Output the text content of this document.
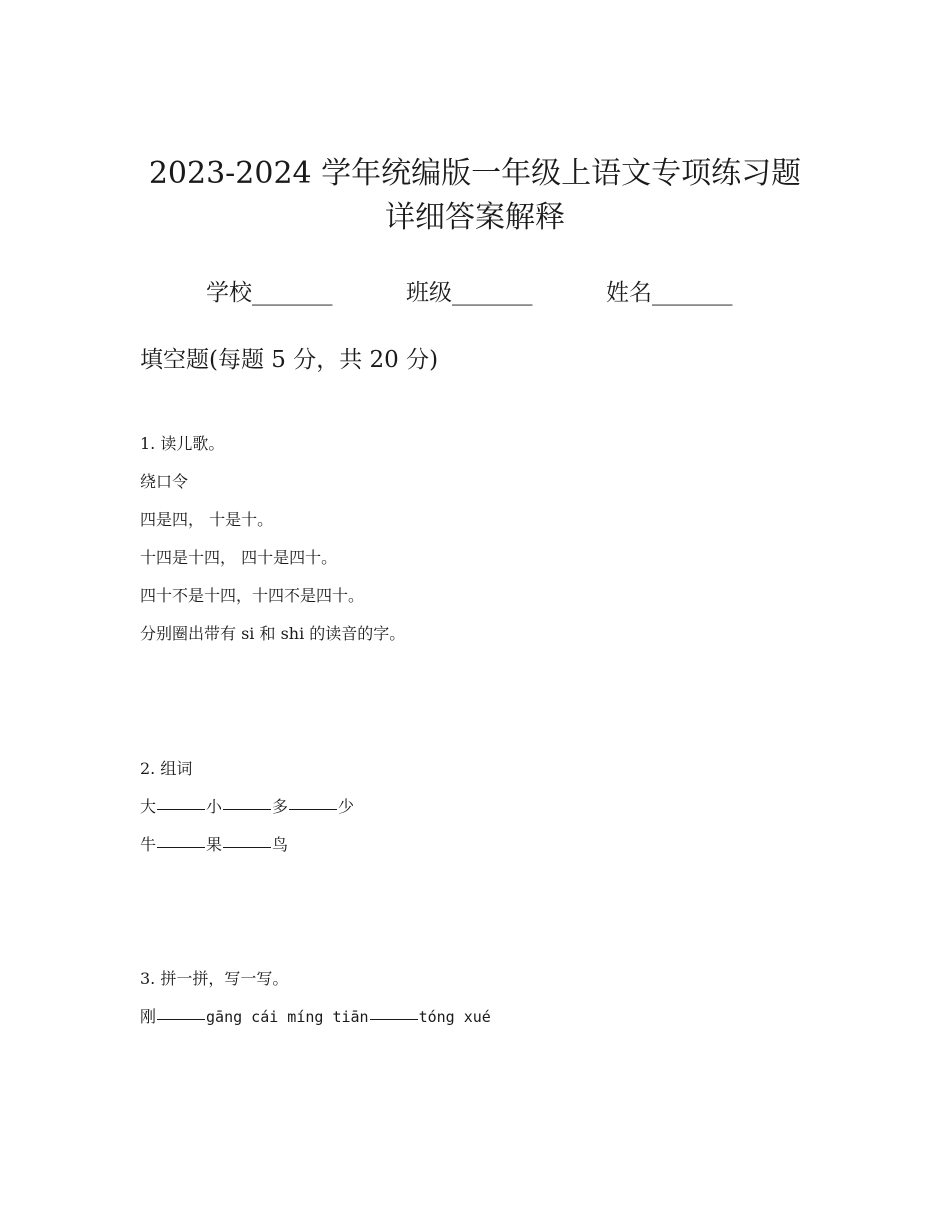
2023-2024 学年统编版一年级上语文专项练习题
详细答案解释
学校_______	班级_______	姓名_______
填空题(每题 5 分，共 20 分)
1. 读儿歌。
绕口令
四是四， 十是十。
十四是十四， 四十是四十。
四十不是十四，十四不是四十。
分别圈出带有 si 和 shi 的读音的字。
2. 组词
大	小	多	少
牛	果	鸟
3. 拼一拼，写一写。
刚	gāng cái míng tiān	tóng xué
